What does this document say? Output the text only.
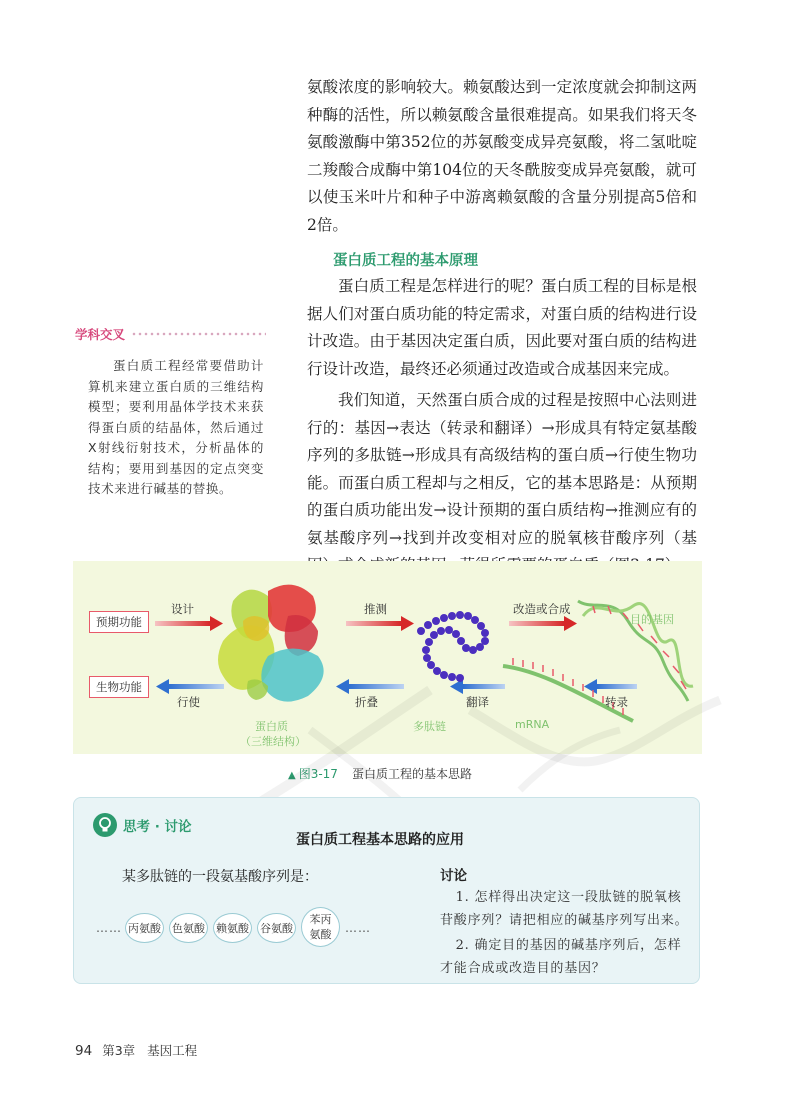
氨酸浓度的影响较大。赖氨酸达到一定浓度就会抑制这两种酶的活性，所以赖氨酸含量很难提高。如果我们将天冬氨酸激酶中第352位的苏氨酸变成异亮氨酸，将二氢吡啶二羧酸合成酶中第104位的天冬酰胺变成异亮氨酸，就可以使玉米叶片和种子中游离赖氨酸的含量分别提高5倍和2倍。

蛋白质工程的基本原理

蛋白质工程是怎样进行的呢？蛋白质工程的目标是根据人们对蛋白质功能的特定需求，对蛋白质的结构进行设计改造。由于基因决定蛋白质，因此要对蛋白质的结构进行设计改造，最终还必须通过改造或合成基因来完成。

我们知道，天然蛋白质合成的过程是按照中心法则进行的：基因→表达（转录和翻译）→形成具有特定氨基酸序列的多肽链→形成具有高级结构的蛋白质→行使生物功能。而蛋白质工程却与之相反，它的基本思路是：从预期的蛋白质功能出发→设计预期的蛋白质结构→推测应有的氨基酸序列→找到并改变相对应的脱氧核苷酸序列（基

学科交叉
蛋白质工程经常要借助计算机来建立蛋白质的三维结构模型；要利用晶体学技术来获得蛋白质的结晶体，然后通过X射线衍射技术，分析晶体的结构；要用到基因的定点突变技术来进行碱基的替换。
预期功能
生物功能
设计	推测	改造或合成
行使	折叠	翻译	转录
目的基因
蛋白质
（三维结构）
多肽链	mRNA
▲ 图3-17 蛋白质工程的基本思路
思考 · 讨论
蛋白质工程基本思路的应用
某多肽链的一段氨基酸序列是：
…… 丙氨酸 色氨酸 赖氨酸 谷氨酸
苯丙氨酸	……
讨论

1. 怎样得出决定这一段肽链的脱氧核苷酸序列？请把相应的碱基序列写出来。

2. 确定目的基因的碱基序列后，怎样才能合成或改造目的基因？

94 第3章 基因工程
